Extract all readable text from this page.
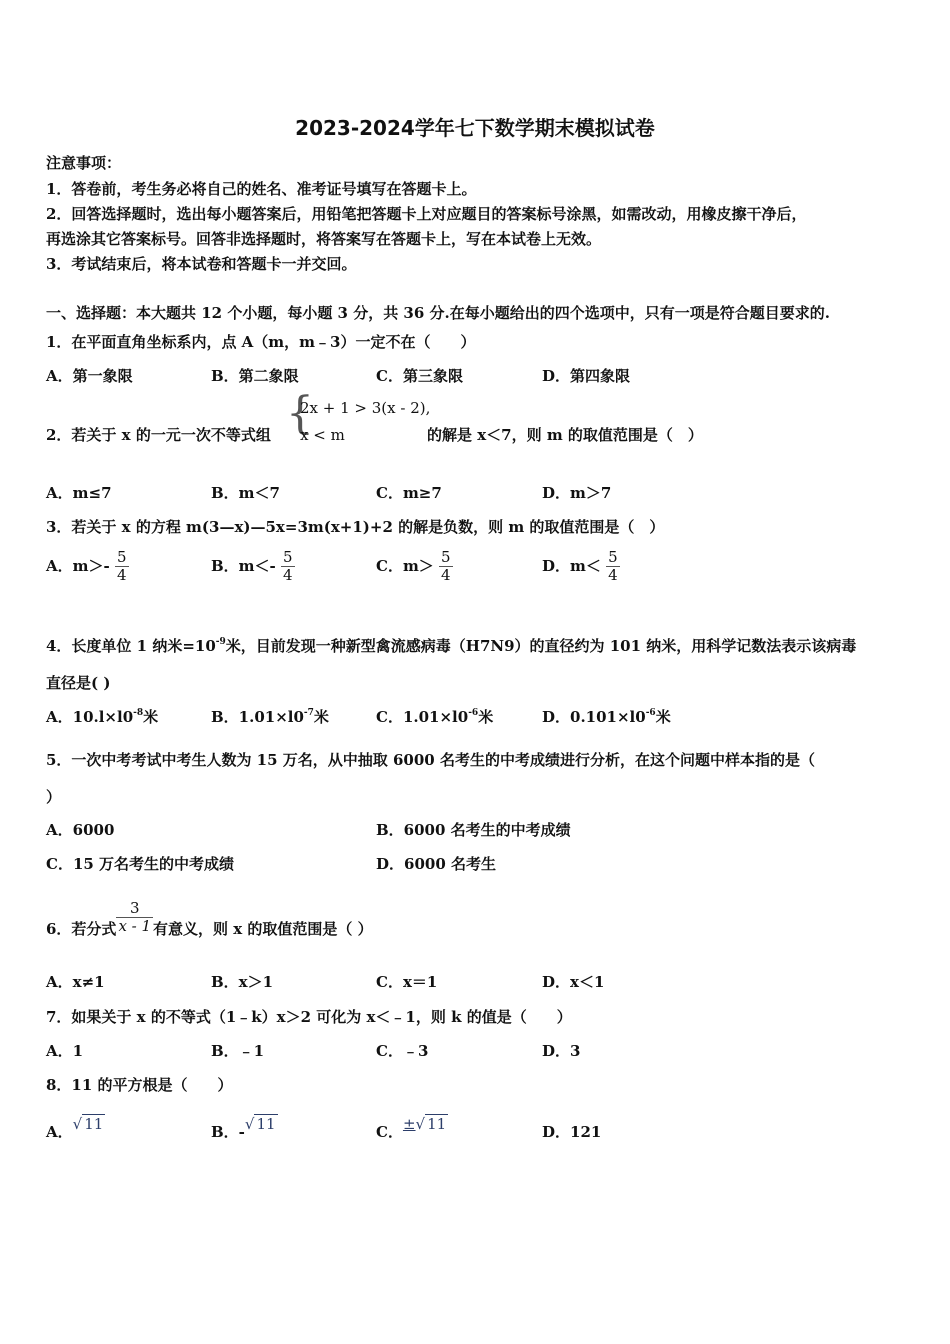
2023-2024学年七下数学期末模拟试卷
注意事项：
1．答卷前，考生务必将自己的姓名、准考证号填写在答题卡上。
2．回答选择题时，选出每小题答案后，用铅笔把答题卡上对应题目的答案标号涂黑，如需改动，用橡皮擦干净后，
再选涂其它答案标号。回答非选择题时，将答案写在答题卡上，写在本试卷上无效。
3．考试结束后，将本试卷和答题卡一并交回。
一、选择题：本大题共 12 个小题，每小题 3 分，共 36 分.在每小题给出的四个选项中，只有一项是符合题目要求的.
1．在平面直角坐标系内，点 A（m，m﹣3）一定不在（　　）
A．第一象限	B．第二象限	C．第三象限	D．第四象限
2．若关于 x 的一元一次不等式组 {
2x + 1 > 3(x - 2),
x < m	的解是 x＜7，则 m 的取值范围是（　）
A．m≤7	B．m＜7	C．m≥7	D．m＞7
3．若关于 x 的方程 m(3—x)—5x=3m(x+1)+2 的解是负数，则 m 的取值范围是（　）
A．$m>- \frac{5}{4}$	B．$m<- \frac{5}{4}$	C．$m> \frac{5}{4}$	D．$m< \frac{5}{4}$
4．长度单位 1 纳米$=10^{-9}$米，目前发现一种新型禽流感病毒（H7N9）的直径约为 101 纳米，用科学记数法表示该病毒
直径是( )
A．$10.l\times l0^{-8}$米	B．$1.01\times l0^{-7}$米	C．$1.01\times l0^{-6}$米	D．$0.101\times l0^{-6}$米
5．一次中考考试中考生人数为 15 万名，从中抽取 6000 名考生的中考成绩进行分析，在这个问题中样本指的是（
）
A．6000	B．6000 名考生的中考成绩
C．15 万名考生的中考成绩	D．6000 名考生
6．若分式 $\frac{3}{x - 1}$ 有意义，则 x 的取值范围是（ ）
A．x≠1	B．x＞1	C．x＝1	D．x＜1
7．如果关于 x 的不等式（1﹣k）x＞2 可化为 x＜﹣1，则 k 的值是（　　）
A．1	B．﹣1	C．﹣3	D．3
8．11 的平方根是（　　）
A．√ 11	B．-√ 11	C．±√ 11	D．121
